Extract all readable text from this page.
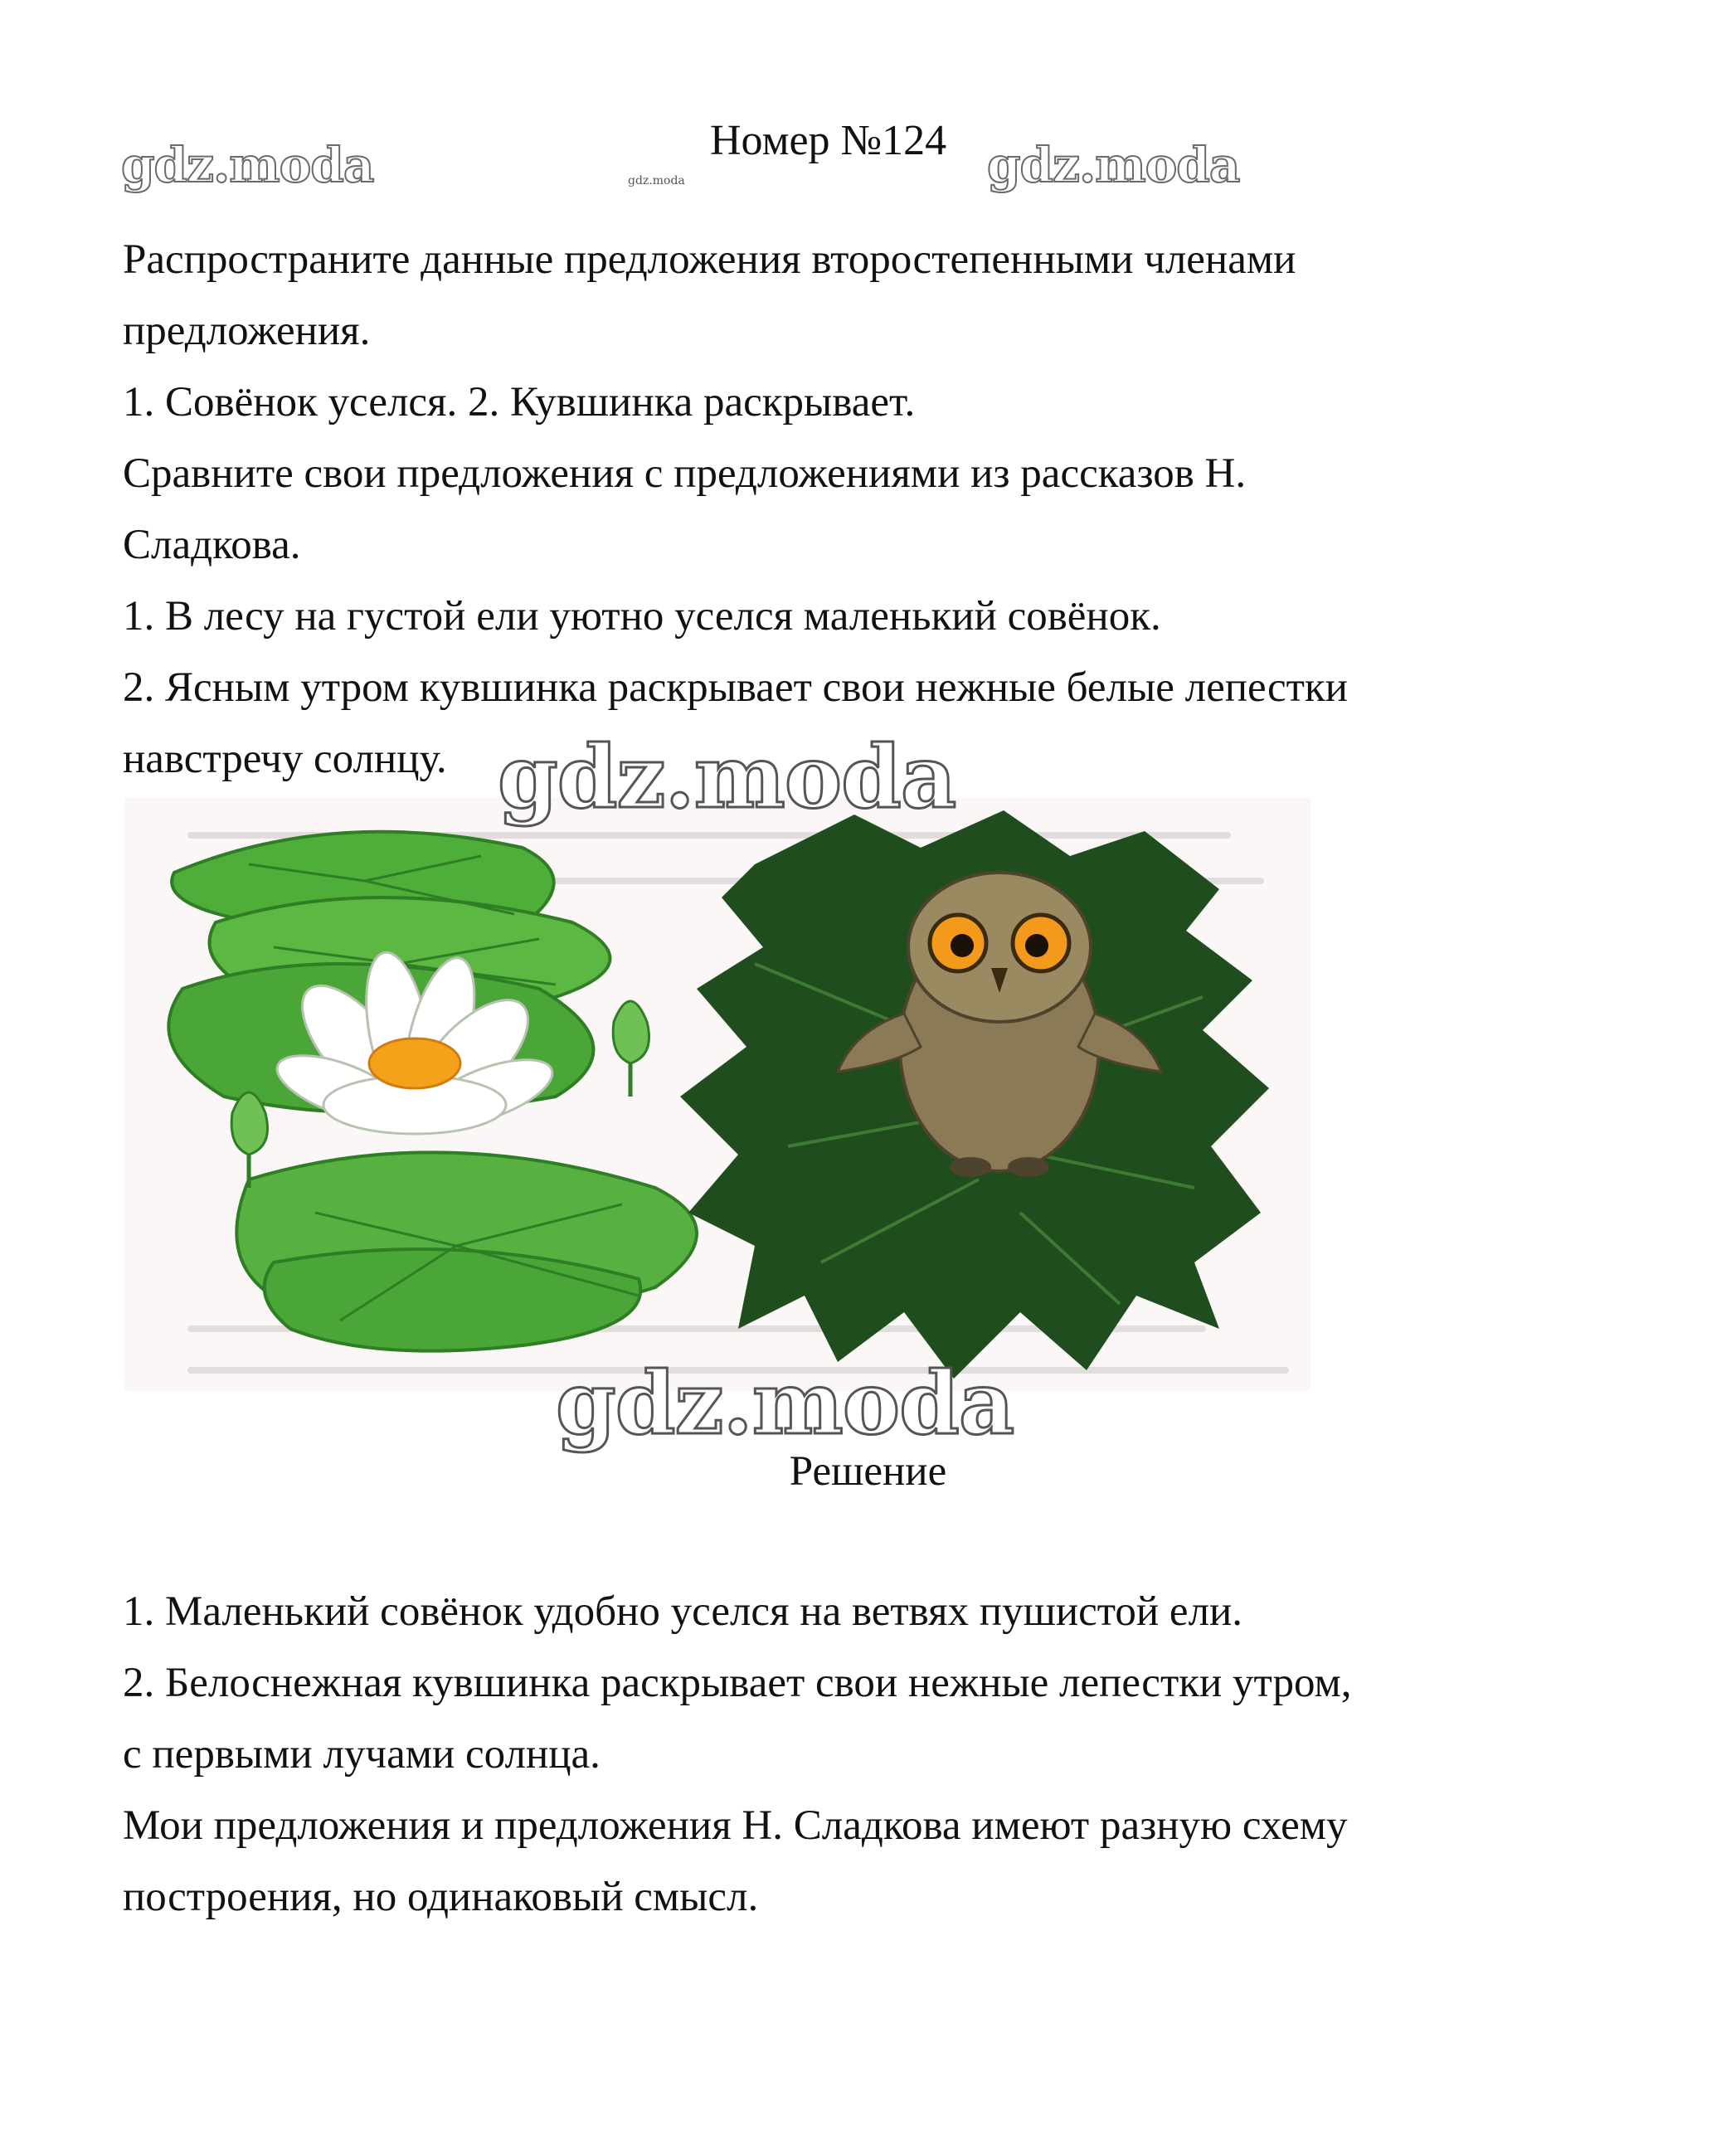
gdz.moda	gdz.moda
Номер №124 gdz.moda
Распространите данные предложения второстепенными членами
предложения.
1. Совёнок уселся. 2. Кувшинка раскрывает.
Сравните свои предложения с предложениями из рассказов Н.
Сладкова.
1. В лесу на густой ели уютно уселся маленький совёнок.
2. Ясным утром кувшинка раскрывает свои нежные белые лепестки
навстречу солнцу. gdz.moda
gdz.moda
Решение
1. Маленький совёнок удобно уселся на ветвях пушистой ели.
2. Белоснежная кувшинка раскрывает свои нежные лепестки утром,
с первыми лучами солнца.
Мои предложения и предложения Н. Сладкова имеют разную схему
построения, но одинаковый смысл.
